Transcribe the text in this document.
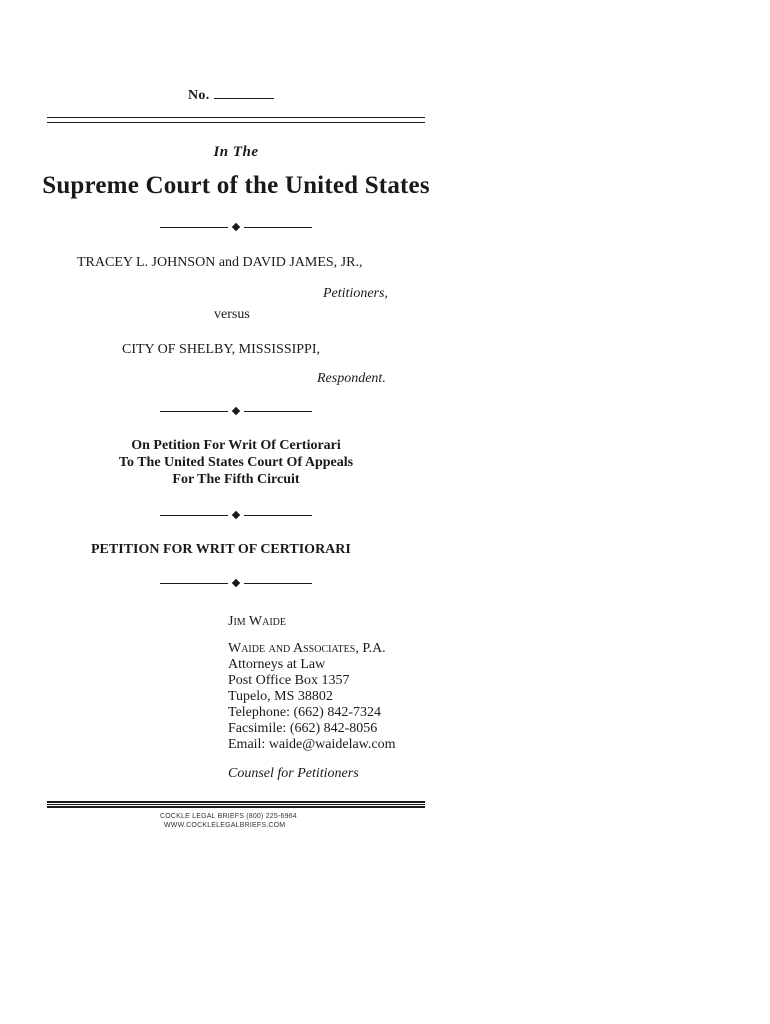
No.
In The
Supreme Court of the United States
TRACEY L. JOHNSON and DAVID JAMES, JR.,
Petitioners,
versus
CITY OF SHELBY, MISSISSIPPI,
Respondent.
On Petition For Writ Of Certiorari
To The United States Court Of Appeals
For The Fifth Circuit
PETITION FOR WRIT OF CERTIORARI
Jim Waide
Waide and Associates, P.A.
Attorneys at Law
Post Office Box 1357
Tupelo, MS 38802
Telephone: (662) 842-7324
Facsimile: (662) 842-8056
Email: waide@waidelaw.com
Counsel for Petitioners
COCKLE LEGAL BRIEFS (800) 225-6964
WWW.COCKLELEGALBRIEFS.COM
